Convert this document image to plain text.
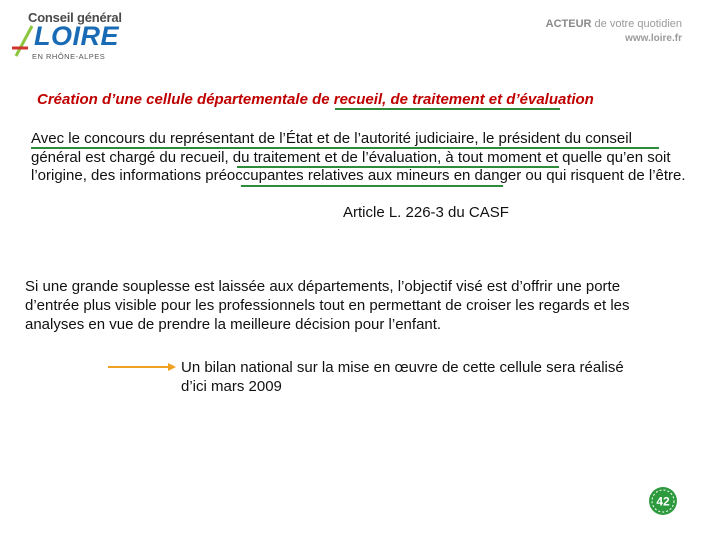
Conseil général
LOIRE
EN RHÔNE-ALPES
ACTEUR de votre quotidien
www.loire.fr
Création d’une cellule départementale de recueil, de traitement et d’évaluation
Avec le concours du représentant de l’État et de l’autorité judiciaire, le président du conseil général est chargé du recueil, du traitement et de l’évaluation, à tout moment et quelle qu’en soit l’origine, des informations préoccupantes relatives aux mineurs en danger ou qui risquent de l’être.
Article L. 226-3 du CASF
Si une grande souplesse est laissée aux départements, l’objectif visé est d’offrir une porte d’entrée plus visible pour les professionnels tout en permettant de croiser les regards et les analyses en vue de prendre la meilleure décision pour l’enfant.
Un bilan national sur la mise en œuvre de cette cellule sera réalisé d’ici mars 2009
42
